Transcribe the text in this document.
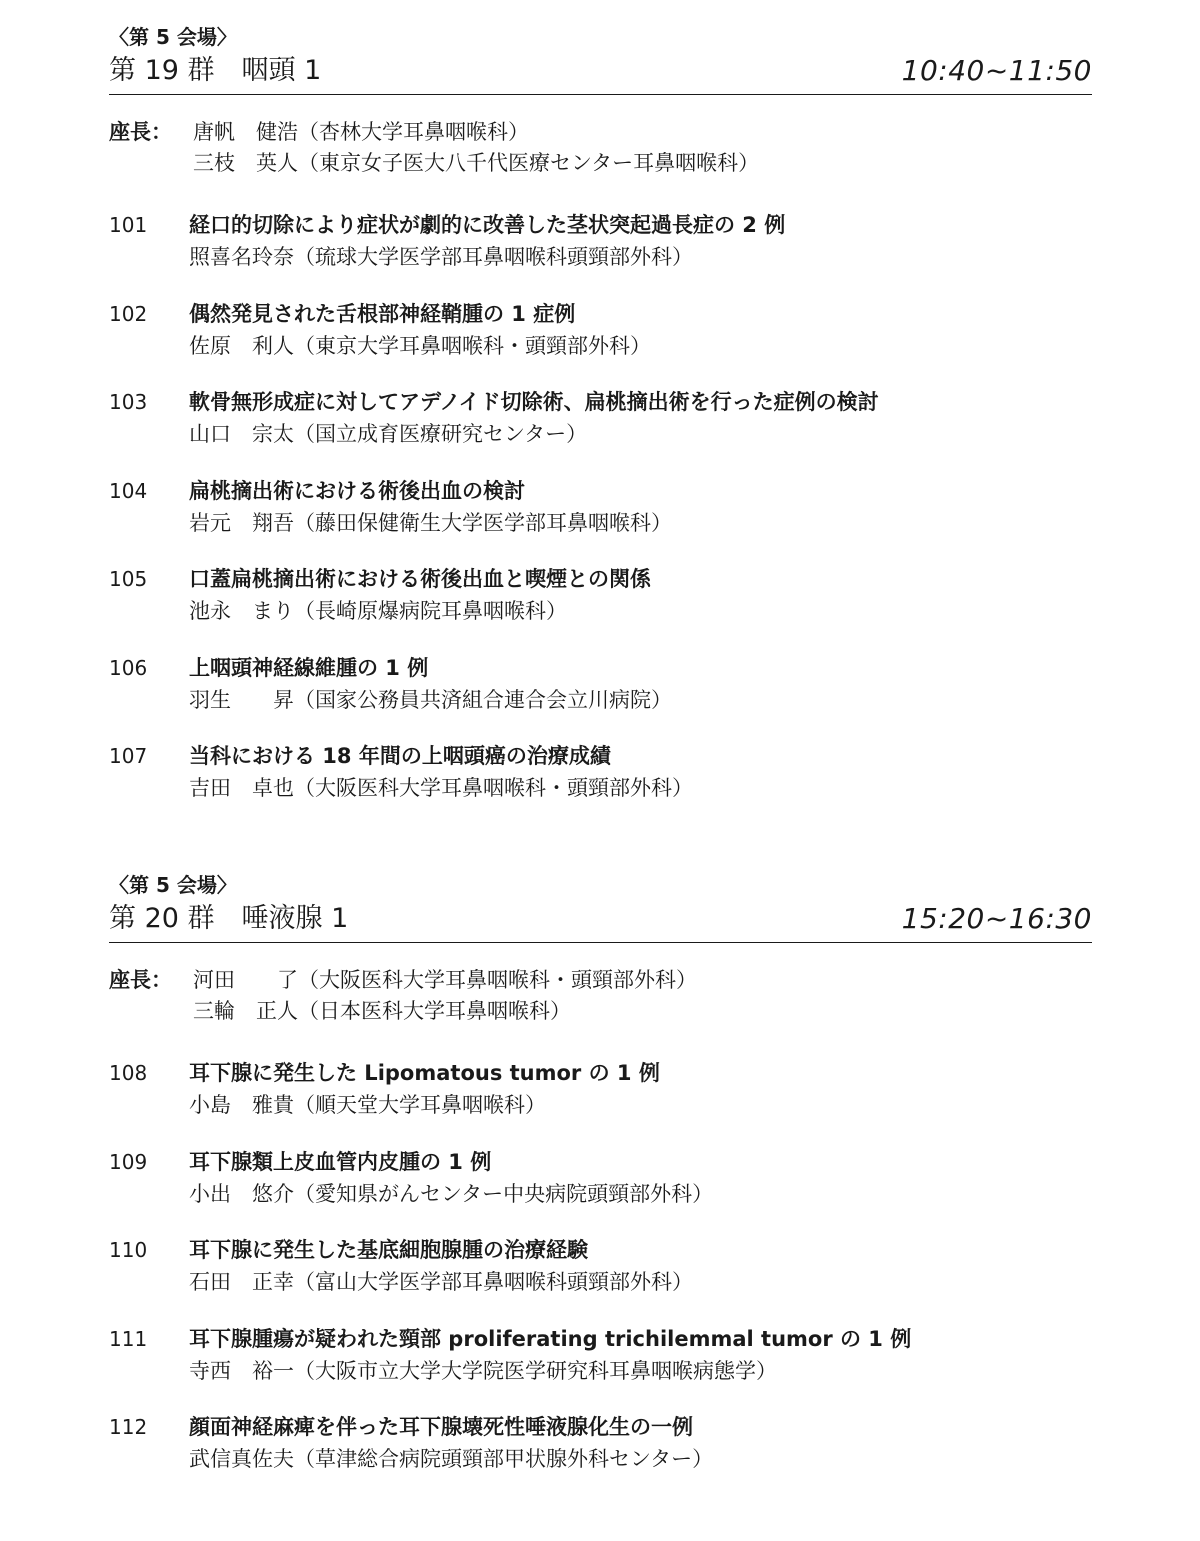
〈第 5 会場〉
第 19 群　咽頭 1	10:40~11:50
座長： 唐帆　健浩（杏林大学耳鼻咽喉科）
三枝　英人（東京女子医大八千代医療センター耳鼻咽喉科）
101 経口的切除により症状が劇的に改善した茎状突起過長症の 2 例
照喜名玲奈（琉球大学医学部耳鼻咽喉科頭頸部外科）
102 偶然発見された舌根部神経鞘腫の 1 症例
佐原　利人（東京大学耳鼻咽喉科・頭頸部外科）
103 軟骨無形成症に対してアデノイド切除術、扁桃摘出術を行った症例の検討
山口　宗太（国立成育医療研究センター）
104 扁桃摘出術における術後出血の検討
岩元　翔吾（藤田保健衛生大学医学部耳鼻咽喉科）
105 口蓋扁桃摘出術における術後出血と喫煙との関係
池永　まり（長崎原爆病院耳鼻咽喉科）
106 上咽頭神経線維腫の 1 例
羽生　　昇（国家公務員共済組合連合会立川病院）
107 当科における 18 年間の上咽頭癌の治療成績
吉田　卓也（大阪医科大学耳鼻咽喉科・頭頸部外科）
〈第 5 会場〉
第 20 群　唾液腺 1	15:20~16:30
座長： 河田　　了（大阪医科大学耳鼻咽喉科・頭頸部外科）
三輪　正人（日本医科大学耳鼻咽喉科）
108 耳下腺に発生した Lipomatous tumor の 1 例
小島　雅貴（順天堂大学耳鼻咽喉科）
109 耳下腺類上皮血管内皮腫の 1 例
小出　悠介（愛知県がんセンター中央病院頭頸部外科）
110 耳下腺に発生した基底細胞腺腫の治療経験
石田　正幸（富山大学医学部耳鼻咽喉科頭頸部外科）
111 耳下腺腫瘍が疑われた頸部 proliferating trichilemmal tumor の 1 例
寺西　裕一（大阪市立大学大学院医学研究科耳鼻咽喉病態学）
112 顔面神経麻痺を伴った耳下腺壊死性唾液腺化生の一例
武信真佐夫（草津総合病院頭頸部甲状腺外科センター）
